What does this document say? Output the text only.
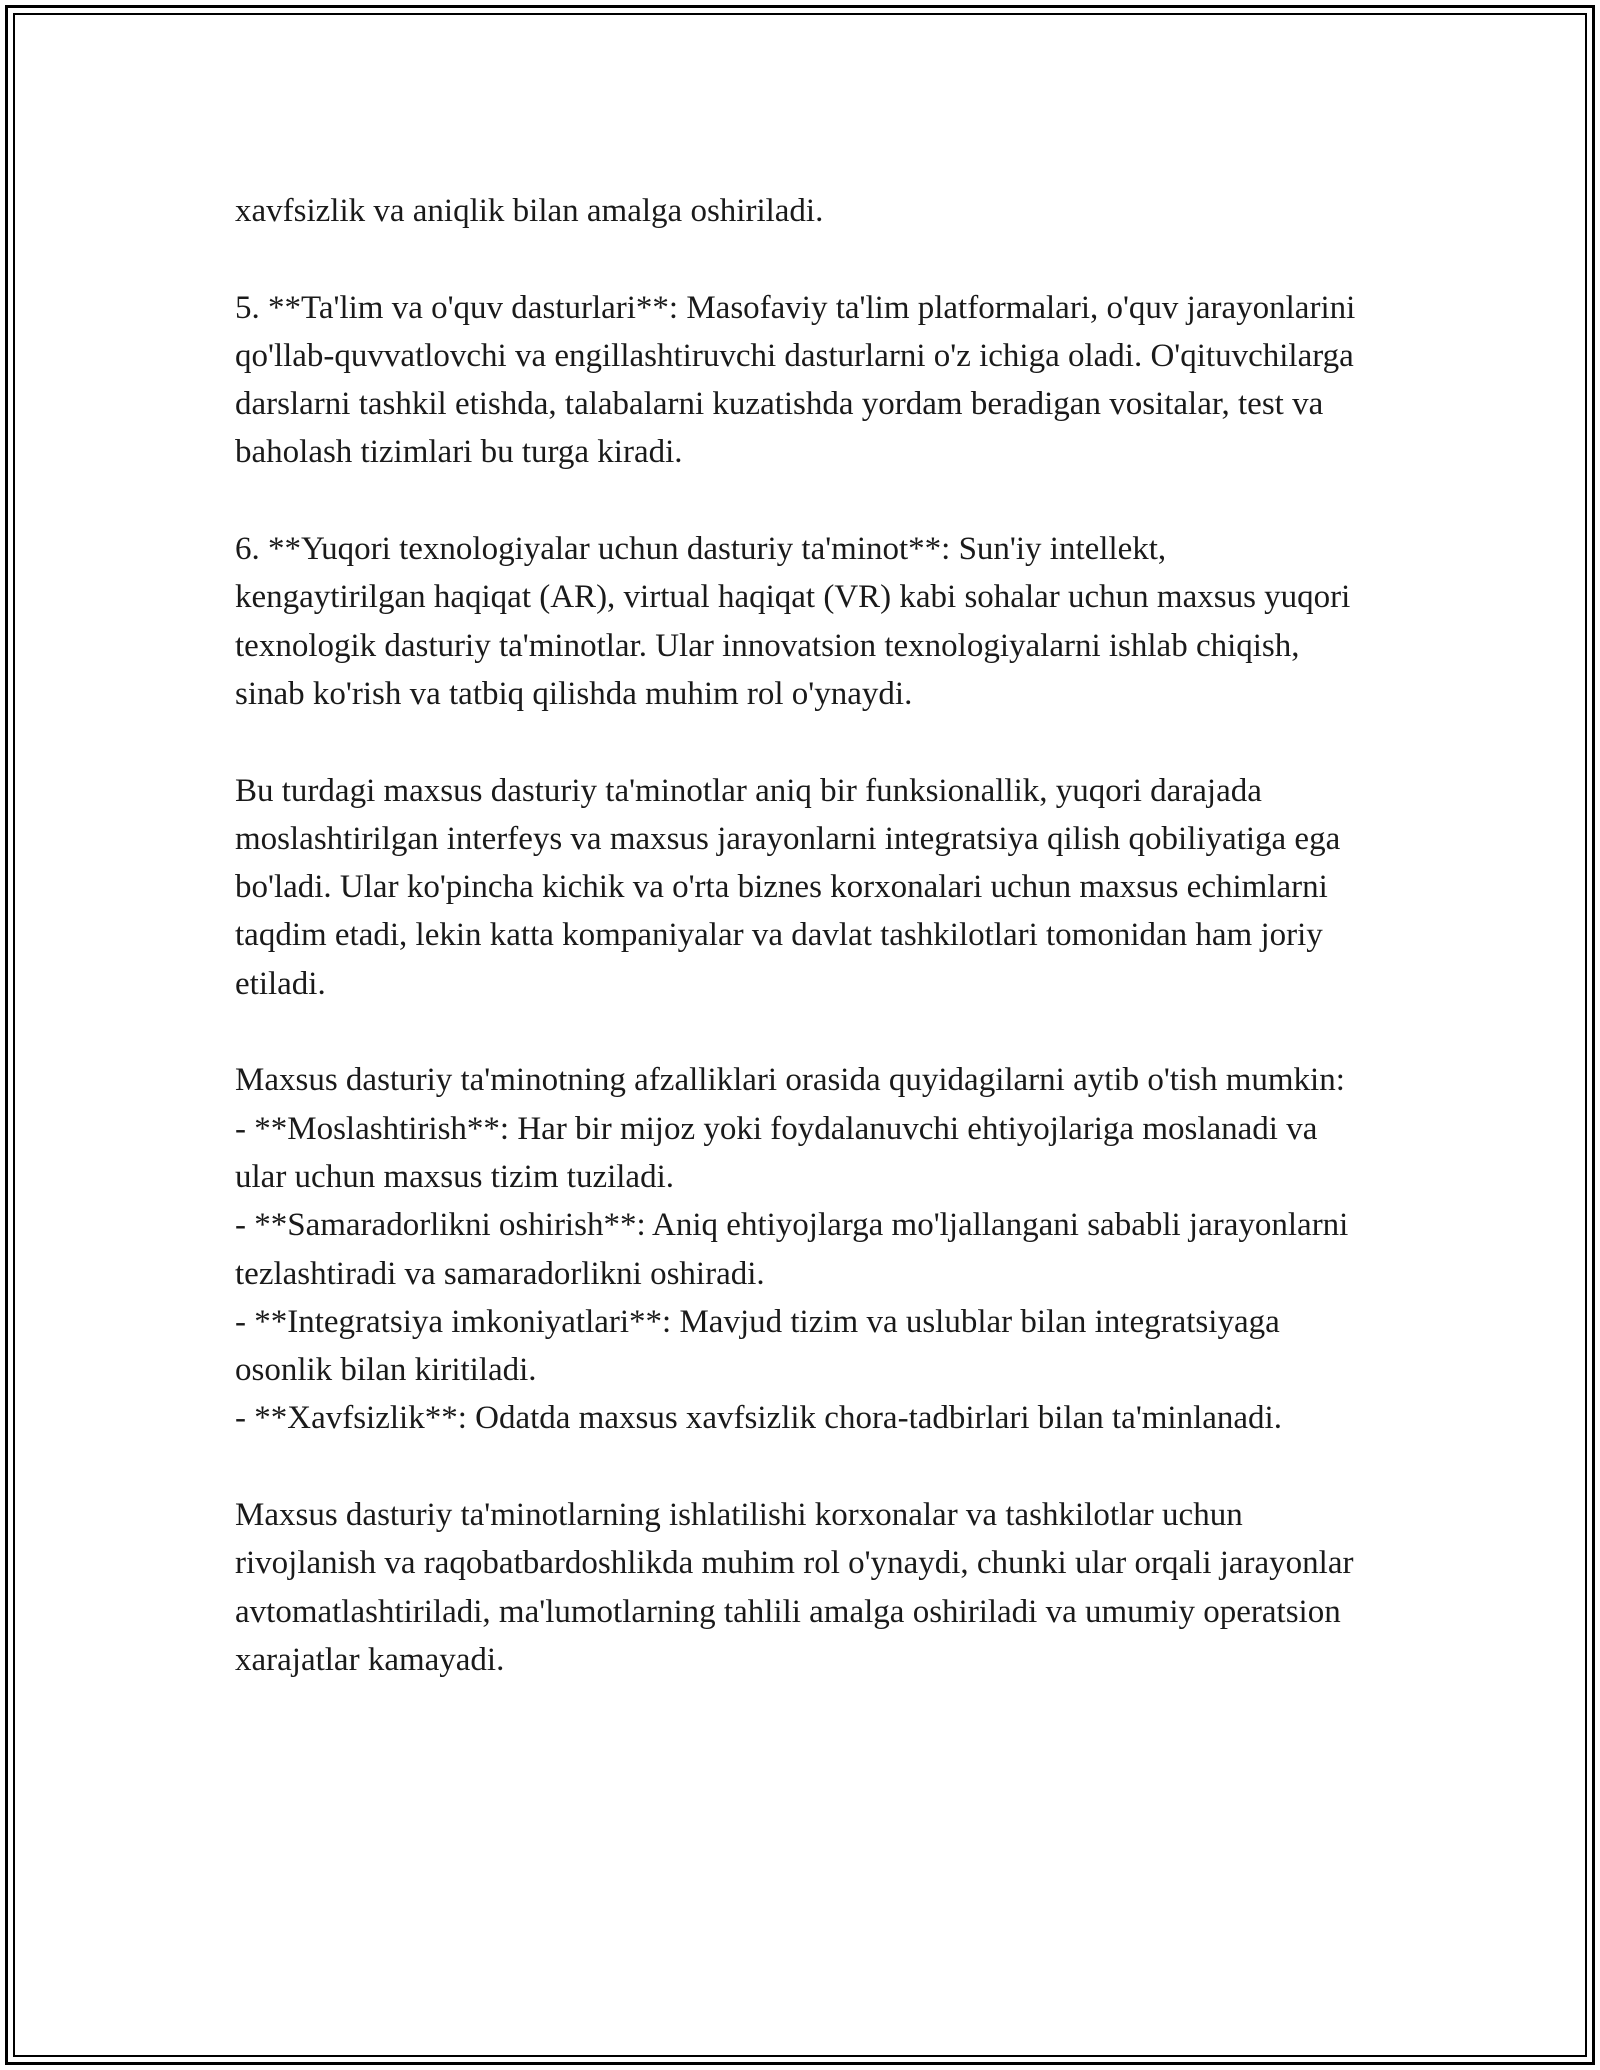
xavfsizlik va aniqlik bilan amalga oshiriladi.

5. **Ta'lim va o'quv dasturlari**: Masofaviy ta'lim platformalari, o'quv jarayonlarini qo'llab-quvvatlovchi va engillashtiruvchi dasturlarni o'z ichiga oladi. O'qituvchilarga darslarni tashkil etishda, talabalarni kuzatishda yordam beradigan vositalar, test va baholash tizimlari bu turga kiradi.

6. **Yuqori texnologiyalar uchun dasturiy ta'minot**: Sun'iy intellekt, kengaytirilgan haqiqat (AR), virtual haqiqat (VR) kabi sohalar uchun maxsus yuqori texnologik dasturiy ta'minotlar. Ular innovatsion texnologiyalarni ishlab chiqish, sinab ko'rish va tatbiq qilishda muhim rol o'ynaydi.

Bu turdagi maxsus dasturiy ta'minotlar aniq bir funksionallik, yuqori darajada moslashtirilgan interfeys va maxsus jarayonlarni integratsiya qilish qobiliyatiga ega bo'ladi. Ular ko'pincha kichik va o'rta biznes korxonalari uchun maxsus echimlarni taqdim etadi, lekin katta kompaniyalar va davlat tashkilotlari tomonidan ham joriy etiladi.

Maxsus dasturiy ta'minotning afzalliklari orasida quyidagilarni aytib o'tish mumkin:

- **Moslashtirish**: Har bir mijoz yoki foydalanuvchi ehtiyojlariga moslanadi va ular uchun maxsus tizim tuziladi.

- **Samaradorlikni oshirish**: Aniq ehtiyojlarga mo'ljallangani sababli jarayonlarni tezlashtiradi va samaradorlikni oshiradi.

- **Integratsiya imkoniyatlari**: Mavjud tizim va uslublar bilan integratsiyaga osonlik bilan kiritiladi.

- **Xavfsizlik**: Odatda maxsus xavfsizlik chora-tadbirlari bilan ta'minlanadi.

Maxsus dasturiy ta'minotlarning ishlatilishi korxonalar va tashkilotlar uchun rivojlanish va raqobatbardoshlikda muhim rol o'ynaydi, chunki ular orqali jarayonlar avtomatlashtiriladi, ma'lumotlarning tahlili amalga oshiriladi va umumiy operatsion xarajatlar kamayadi.
